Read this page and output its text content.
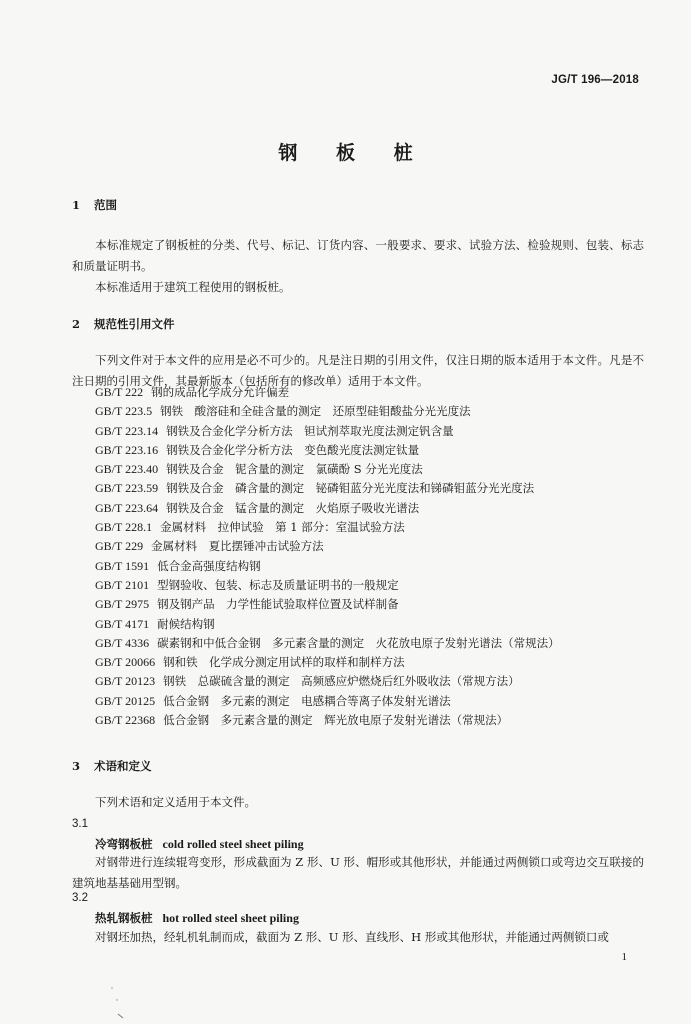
JG/T 196—2018
钢 板 桩
1 范围
本标准规定了钢板桩的分类、代号、标记、订货内容、一般要求、要求、试验方法、检验规则、包装、标志和质量证明书。
本标准适用于建筑工程使用的钢板桩。
2 规范性引用文件
下列文件对于本文件的应用是必不可少的。凡是注日期的引用文件，仅注日期的版本适用于本文件。凡是不注日期的引用文件，其最新版本（包括所有的修改单）适用于本文件。
GB/T 222 钢的成品化学成分允许偏差
GB/T 223.5 钢铁　酸溶硅和全硅含量的测定　还原型硅钼酸盐分光光度法
GB/T 223.14 钢铁及合金化学分析方法　钽试剂萃取光度法测定钒含量
GB/T 223.16 钢铁及合金化学分析方法　变色酸光度法测定钛量
GB/T 223.40 钢铁及合金　铌含量的测定　氯磺酚 S 分光光度法
GB/T 223.59 钢铁及合金　磷含量的测定　铋磷钼蓝分光光度法和锑磷钼蓝分光光度法
GB/T 223.64 钢铁及合金　锰含量的测定　火焰原子吸收光谱法
GB/T 228.1 金属材料　拉伸试验　第 1 部分：室温试验方法
GB/T 229 金属材料　夏比摆锤冲击试验方法
GB/T 1591 低合金高强度结构钢
GB/T 2101 型钢验收、包装、标志及质量证明书的一般规定
GB/T 2975 钢及钢产品　力学性能试验取样位置及试样制备
GB/T 4171 耐候结构钢
GB/T 4336 碳素钢和中低合金钢　多元素含量的测定　火花放电原子发射光谱法（常规法）
GB/T 20066 钢和铁　化学成分测定用试样的取样和制样方法
GB/T 20123 钢铁　总碳硫含量的测定　高频感应炉燃烧后红外吸收法（常规方法）
GB/T 20125 低合金钢　多元素的测定　电感耦合等离子体发射光谱法
GB/T 22368 低合金钢　多元素含量的测定　辉光放电原子发射光谱法（常规法）
3 术语和定义
下列术语和定义适用于本文件。
3.1
冷弯钢板桩 cold rolled steel sheet piling
对钢带进行连续辊弯变形，形成截面为 Z 形、U 形、帽形或其他形状，并能通过两侧锁口或弯边交互联接的建筑地基基础用型钢。
3.2
热轧钢板桩 hot rolled steel sheet piling
对钢坯加热，经轧机轧制而成，截面为 Z 形、U 形、直线形、H 形或其他形状，并能通过两侧锁口或
1
